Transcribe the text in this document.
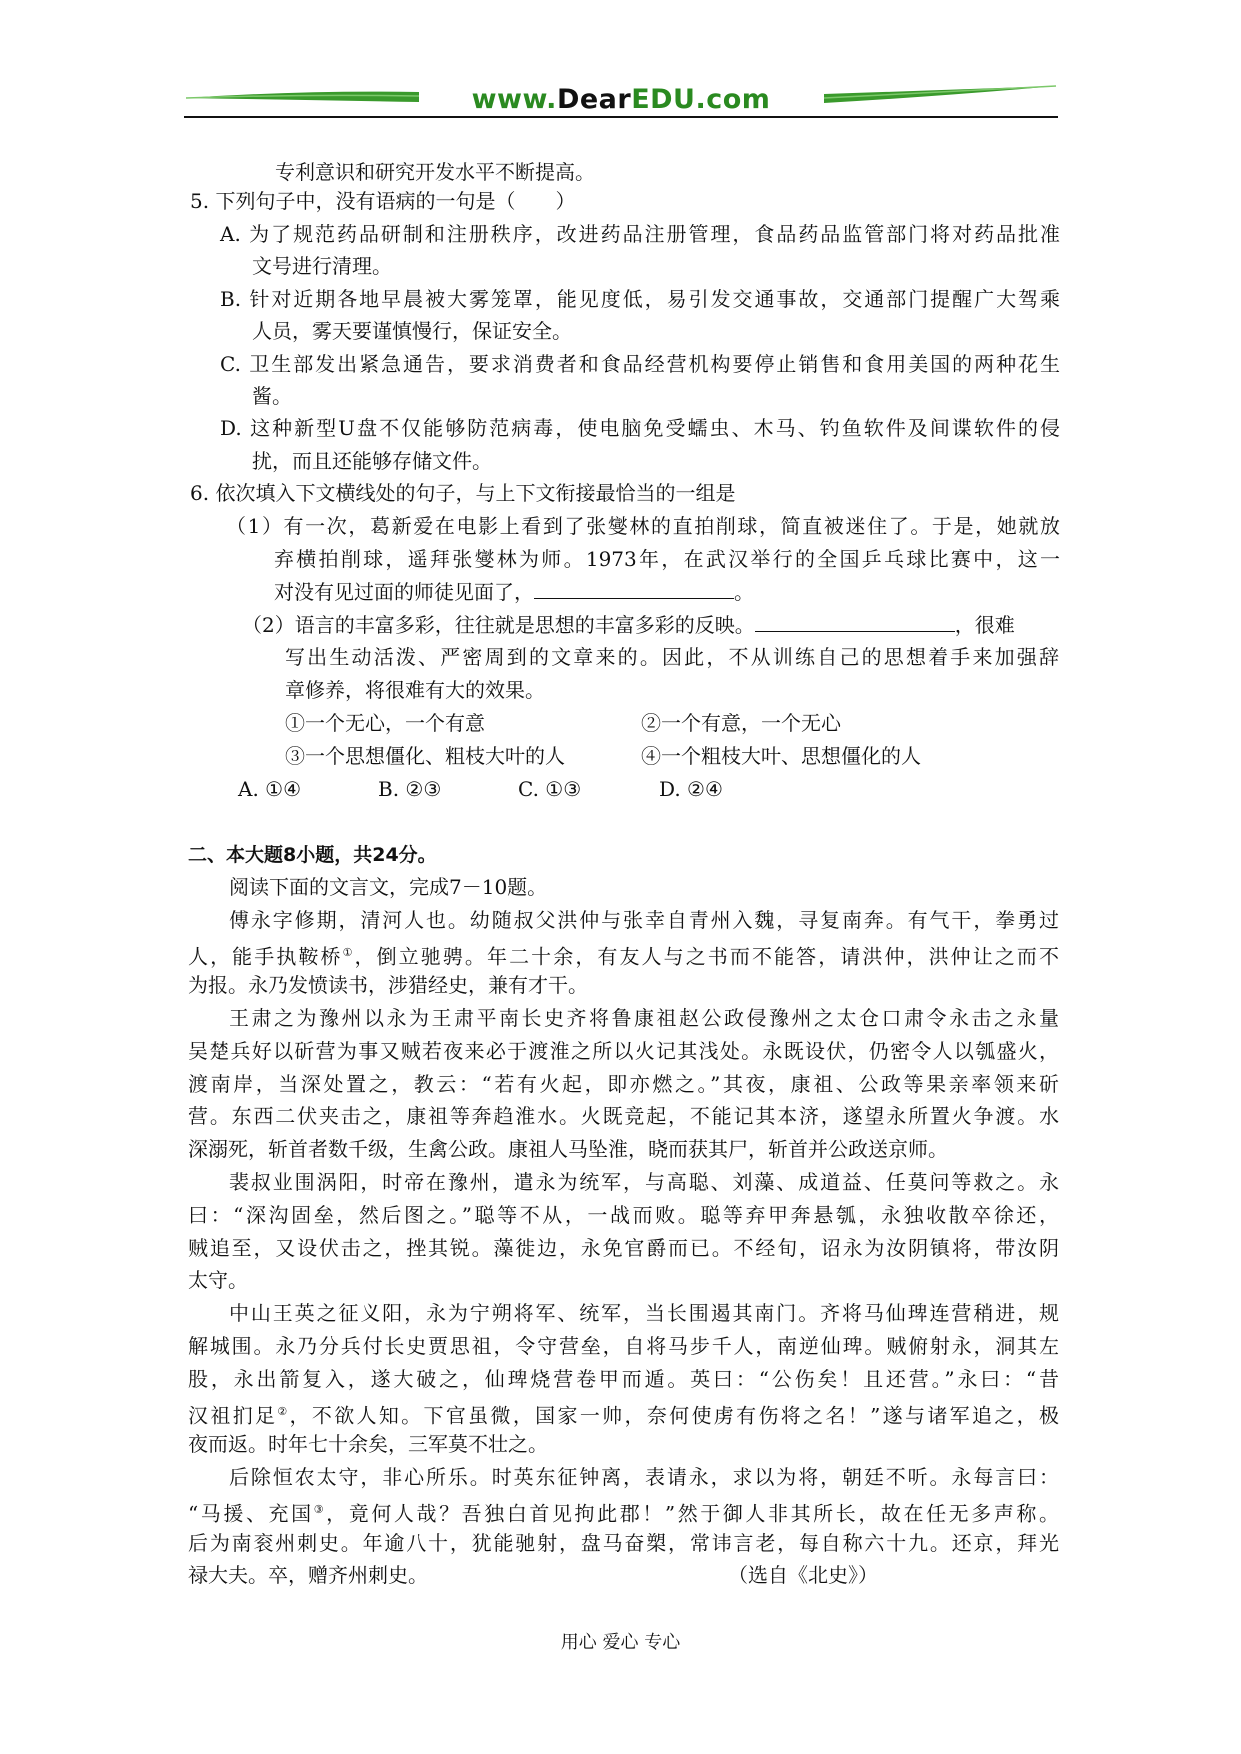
www.DearEDU.com
专利意识和研究开发水平不断提高。
5. 下列句子中，没有语病的一句是（　　）
A. 为了规范药品研制和注册秩序，改进药品注册管理，食品药品监管部门将对药品批准
文号进行清理。
B. 针对近期各地早晨被大雾笼罩，能见度低，易引发交通事故，交通部门提醒广大驾乘
人员，雾天要谨慎慢行，保证安全。
C. 卫生部发出紧急通告，要求消费者和食品经营机构要停止销售和食用美国的两种花生
酱。
D. 这种新型U盘不仅能够防范病毒，使电脑免受蠕虫、木马、钓鱼软件及间谍软件的侵
扰，而且还能够存储文件。
6. 依次填入下文横线处的句子，与上下文衔接最恰当的一组是
（1）有一次，葛新爱在电影上看到了张燮林的直拍削球，简直被迷住了。于是，她就放
弃横拍削球，遥拜张燮林为师。1973年，在武汉举行的全国乒乓球比赛中，这一
对没有见过面的师徒见面了，	。
（2）语言的丰富多彩，往往就是思想的丰富多彩的反映。	，很难
写出生动活泼、严密周到的文章来的。因此，不从训练自己的思想着手来加强辞
章修养，将很难有大的效果。
①一个无心，一个有意	②一个有意，一个无心
③一个思想僵化、粗枝大叶的人	④一个粗枝大叶、思想僵化的人
A. ①④	B. ②③	C. ①③	D. ②④
二、本大题8小题，共24分。
阅读下面的文言文，完成7－10题。
傅永字修期，清河人也。幼随叔父洪仲与张幸自青州入魏，寻复南奔。有气干，拳勇过
人，能手执鞍桥①，倒立驰骋。年二十余，有友人与之书而不能答，请洪仲，洪仲让之而不
为报。永乃发愤读书，涉猎经史，兼有才干。
王肃之为豫州以永为王肃平南长史齐将鲁康祖赵公政侵豫州之太仓口肃令永击之永量
吴楚兵好以斫营为事又贼若夜来必于渡淮之所以火记其浅处。永既设伏，仍密令人以瓠盛火，
渡南岸，当深处置之，教云：“若有火起，即亦燃之。”其夜，康祖、公政等果亲率领来斫
营。东西二伏夹击之，康祖等奔趋淮水。火既竞起，不能记其本济，遂望永所置火争渡。水
深溺死，斩首者数千级，生禽公政。康祖人马坠淮，晓而获其尸，斩首并公政送京师。
裴叔业围涡阳，时帝在豫州，遣永为统军，与高聪、刘藻、成道益、任莫问等救之。永
曰：“深沟固垒，然后图之。”聪等不从，一战而败。聪等弃甲奔悬瓠，永独收散卒徐还，
贼追至，又设伏击之，挫其锐。藻徙边，永免官爵而已。不经旬，诏永为汝阴镇将，带汝阴
太守。
中山王英之征义阳，永为宁朔将军、统军，当长围遏其南门。齐将马仙琕连营稍进，规
解城围。永乃分兵付长史贾思祖，令守营垒，自将马步千人，南逆仙琕。贼俯射永，洞其左
股，永出箭复入，遂大破之，仙琕烧营卷甲而遁。英曰：“公伤矣！且还营。”永曰：“昔
汉祖扪足②，不欲人知。下官虽微，国家一帅，奈何使虏有伤将之名！”遂与诸军追之，极
夜而返。时年七十余矣，三军莫不壮之。
后除恒农太守，非心所乐。时英东征钟离，表请永，求以为将，朝廷不听。永每言曰：
“马援、充国③，竟何人哉？吾独白首见拘此郡！”然于御人非其所长，故在任无多声称。
后为南衮州刺史。年逾八十，犹能驰射，盘马奋槊，常讳言老，每自称六十九。还京，拜光
禄大夫。卒，赠齐州刺史。	（选自《北史》）
用心 爱心 专心
